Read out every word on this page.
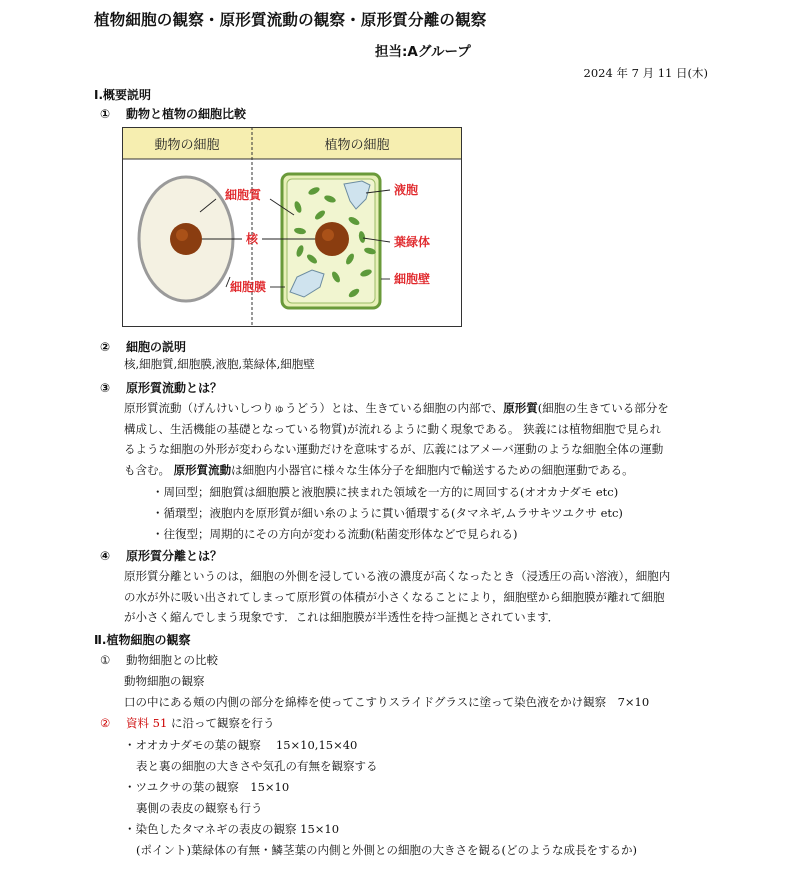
植物細胞の観察・原形質流動の観察・原形質分離の観察
担当:Aグループ
2024 年 7 月 11 日(木)
Ⅰ.概要説明
① 動物と植物の細胞比較
動物の細胞	植物の細胞
細胞質
核
細胞膜
液胞
葉緑体
細胞壁
② 細胞の説明
核,細胞質,細胞膜,液胞,葉緑体,細胞壁
③ 原形質流動とは？
原形質流動（げんけいしつりゅうどう）とは、生きている細胞の内部で、原形質(細胞の生きている部分を
構成し、生活機能の基礎となっている物質)が流れるように動く現象である。 狭義には植物細胞で見られ
るような細胞の外形が変わらない運動だけを意味するが、広義にはアメーバ運動のような細胞全体の運動
も含む。 原形質流動は細胞内小器官に様々な生体分子を細胞内で輸送するための細胞運動である。
・周回型；細胞質は細胞膜と液胞膜に挟まれた領域を一方的に周回する(オオカナダモ etc)
・循環型；液胞内を原形質が細い糸のように貫い循環する(タマネギ,ムラサキツユクサ etc)
・往復型；周期的にその方向が変わる流動(粘菌変形体などで見られる)
④ 原形質分離とは？
原形質分離というのは，細胞の外側を浸している液の濃度が高くなったとき（浸透圧の高い溶液），細胞内
の水が外に吸い出されてしまって原形質の体積が小さくなることにより，細胞壁から細胞膜が離れて細胞
が小さく縮んでしまう現象です．これは細胞膜が半透性を持つ証拠とされています．
Ⅱ.植物細胞の観察
① 動物細胞との比較
動物細胞の観察
口の中にある頬の内側の部分を綿棒を使ってこすりスライドグラスに塗って染色液をかけ観察　7×10
② 資料 51 に沿って観察を行う
・オオカナダモの葉の観察　 15×10,15×40
表と裏の細胞の大きさや気孔の有無を観察する
・ツユクサの葉の観察　15×10
裏側の表皮の観察も行う
・染色したタマネギの表皮の観察 15×10
(ポイント)葉緑体の有無・鱗茎葉の内側と外側との細胞の大きさを観る(どのような成長をするか)
